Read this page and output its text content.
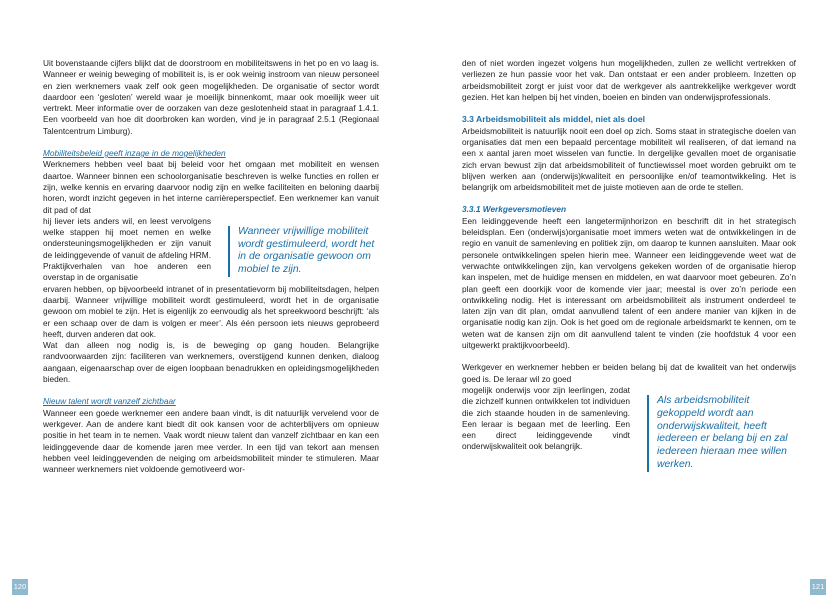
Uit bovenstaande cijfers blijkt dat de doorstroom en mobiliteitswens in het po en vo laag is. Wanneer er weinig beweging of mobiliteit is, is er ook weinig instroom van nieuw personeel en zien werknemers vaak zelf ook geen mogelijkheden. De organisatie of sector wordt daardoor een ‘gesloten’ wereld waar je moeilijk binnenkomt, maar ook moeilijk weer uit vertrekt. Meer informatie over de oorzaken van deze geslotenheid staat in paragraaf 1.4.1. Een voorbeeld van hoe dit doorbroken kan worden, vind je in paragraaf 2.5.1 (Regionaal Talentcentrum Limburg).

Mobiliteitsbeleid geeft inzage in de mogelijkheden

Werknemers hebben veel baat bij beleid voor het omgaan met mobiliteit en wensen daartoe. Wanneer binnen een schoolorganisatie beschreven is welke functies en rollen er zijn, welke kennis en ervaring daarvoor nodig zijn en welke faciliteiten en beloning daarbij horen, wordt inzicht gegeven in het interne carrièreperspectief. Een werknemer kan vanuit dit pad of dat

hij liever iets anders wil, en leest vervolgens welke stappen hij moet nemen en welke ondersteuningsmogelijkheden er zijn vanuit de leidinggevende of vanuit de afdeling HRM. Praktijkverhalen van hoe anderen een overstap in de organisatie

Wanneer vrijwillige mobiliteit wordt gestimuleerd, wordt het in de organisatie gewoon om mobiel te zijn.

ervaren hebben, op bijvoorbeeld intranet of in presentatievorm bij mobiliteitsdagen, helpen daarbij. Wanneer vrijwillige mobiliteit wordt gestimuleerd, wordt het in de organisatie gewoon om mobiel te zijn. Het is eigenlijk zo eenvoudig als het spreekwoord beschrijft: ‘als er een schaap over de dam is volgen er meer’. Als één persoon iets nieuws geprobeerd heeft, durven anderen dat ook.

Wat dan alleen nog nodig is, is de beweging op gang houden. Belangrijke randvoorwaarden zijn: faciliteren van werknemers, overstijgend kunnen denken, dialoog aangaan, eigenaarschap over de eigen loopbaan benadrukken en opleidingsmogelijkheden bieden.

Nieuw talent wordt vanzelf zichtbaar

Wanneer een goede werknemer een andere baan vindt, is dit natuurlijk vervelend voor de werkgever. Aan de andere kant biedt dit ook kansen voor de achterblijvers om opnieuw positie in het team in te nemen. Vaak wordt nieuw talent dan vanzelf zichtbaar en kan een leidinggevende daar de komende jaren mee verder. In een tijd van tekort aan mensen hebben veel leidinggevenden de neiging om arbeidsmobiliteit minder te stimuleren. Maar wanneer werknemers niet voldoende gemotiveerd wor-

den of niet worden ingezet volgens hun mogelijkheden, zullen ze wellicht vertrekken of verliezen ze hun passie voor het vak. Dan ontstaat er een ander probleem. Inzetten op arbeidsmobiliteit zorgt er juist voor dat de werkgever als aantrekkelijke werkgever wordt gezien. Het kan helpen bij het vinden, boeien en binden van onderwijsprofessionals.

3.3 Arbeidsmobiliteit als middel, niet als doel

Arbeidsmobiliteit is natuurlijk nooit een doel op zich. Soms staat in strategische doelen van organisaties dat men een bepaald percentage mobiliteit wil realiseren, of dat iemand na een x aantal jaren moet wisselen van functie. In dergelijke gevallen moet de organisatie zich ervan bewust zijn dat arbeidsmobiliteit of functiewissel moet worden gebruikt om te blijven werken aan (onderwijs)kwaliteit en persoonlijke en/of teamontwikkeling. Het is belangrijk om arbeidsmobiliteit met de juiste motieven aan de orde te stellen.

3.3.1 Werkgeversmotieven

Een leidinggevende heeft een langetermijnhorizon en beschrift dit in het strategisch beleidsplan. Een (onderwijs)organisatie moet immers weten wat de ontwikkelingen in de regio en vanuit de samenleving en politiek zijn, om daarop te kunnen aansluiten. Maar ook personele ontwikkelingen spelen hierin mee. Wanneer een leidinggevende weet wat de verwachte ontwikkelingen zijn, kan vervolgens gekeken worden of de organisatie hierop kan inspelen, met de huidige mensen en middelen, en wat daarvoor moet gebeuren. Zo’n plan geeft een doorkijk voor de komende vier jaar; meestal is over zo’n periode een ontwikkeling nodig. Het is interessant om arbeidsmobiliteit als instrument onderdeel te laten zijn van dit plan, omdat aanvullend talent of een andere manier van kijken in de organisatie nodig kan zijn. Ook is het goed om de regionale arbeidsmarkt te kennen, om te weten wat de kansen zijn om dit aanvullend talent te vinden (zie hoofdstuk 4 voor een uitgewerkt praktijkvoorbeeld).

Werkgever en werknemer hebben er beiden belang bij dat de kwaliteit van het onderwijs goed is. De leraar wil zo goed

mogelijk onderwijs voor zijn leerlingen, zodat die zichzelf kunnen ontwikkelen tot individuen die zich staande houden in de samenleving. Een leraar is begaan met de leerling. Een een direct leidinggevende vindt onderwijskwaliteit ook belangrijk.

Als arbeidsmobiliteit gekoppeld wordt aan onderwijskwaliteit, heeft iedereen er belang bij en zal iedereen hieraan mee willen werken.
120	121
